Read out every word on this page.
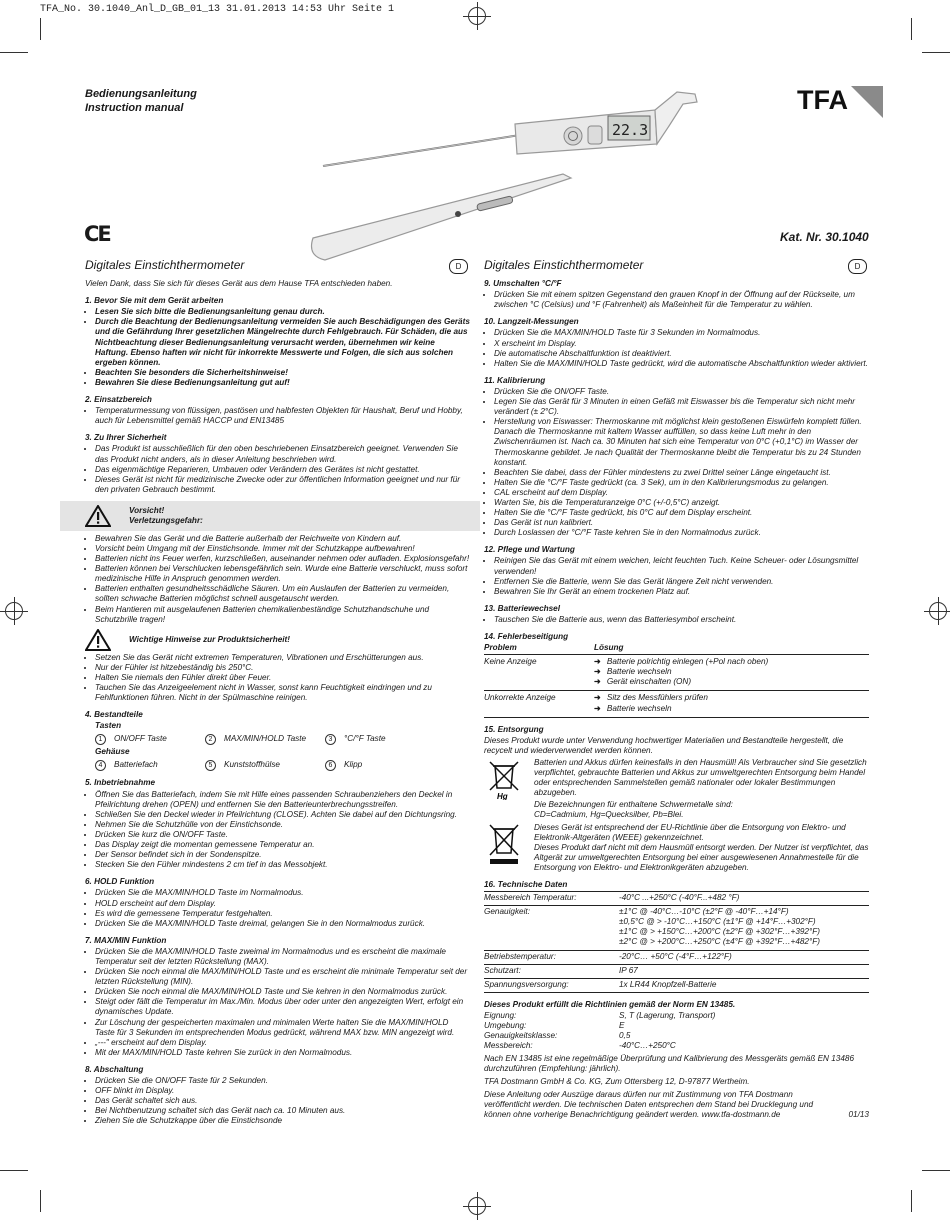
TFA_No. 30.1040_Anl_D_GB_01_13 31.01.2013 14:53 Uhr Seite 1
Bedienungsanleitung
Instruction manual	TFA
22.3
CE	Kat. Nr. 30.1040
Digitales Einstichthermometer	D
Vielen Dank, dass Sie sich für dieses Gerät aus dem Hause TFA entschieden haben.
1. Bevor Sie mit dem Gerät arbeiten
• Lesen Sie sich bitte die Bedienungsanleitung genau durch.
• Durch die Beachtung der Bedienungsanleitung vermeiden Sie auch Beschädigungen des Geräts und die Gefährdung Ihrer gesetzlichen Mängelrechte durch Fehlgebrauch. Für Schäden, die aus Nichtbeachtung dieser Bedienungsanleitung verursacht werden, übernehmen wir keine Haftung. Ebenso haften wir nicht für inkorrekte Messwerte und Folgen, die sich aus solchen ergeben können.
• Beachten Sie besonders die Sicherheitshinweise!
• Bewahren Sie diese Bedienungsanleitung gut auf!
2. Einsatzbereich
• Temperaturmessung von flüssigen, pastösen und halbfesten Objekten für Haushalt, Beruf und Hobby, auch für Lebensmittel gemäß HACCP und EN13485
3. Zu Ihrer Sicherheit
• Das Produkt ist ausschließlich für den oben beschriebenen Einsatzbereich geeignet. Verwenden Sie das Produkt nicht anders, als in dieser Anleitung beschrieben wird.
• Das eigenmächtige Reparieren, Umbauen oder Verändern des Gerätes ist nicht gestattet.
• Dieses Gerät ist nicht für medizinische Zwecke oder zur öffentlichen Information geeignet und nur für den privaten Gebrauch bestimmt.
Vorsicht!
Verletzungsgefahr:
• Bewahren Sie das Gerät und die Batterie außerhalb der Reichweite von Kindern auf.
• Vorsicht beim Umgang mit der Einstichsonde. Immer mit der Schutzkappe aufbewahren!
• Batterien nicht ins Feuer werfen, kurzschließen, auseinander nehmen oder aufladen. Explosionsgefahr!
• Batterien können bei Verschlucken lebensgefährlich sein. Wurde eine Batterie verschluckt, muss sofort medizinische Hilfe in Anspruch genommen werden.
• Batterien enthalten gesundheitsschädliche Säuren. Um ein Auslaufen der Batterien zu vermeiden, sollten schwache Batterien möglichst schnell ausgetauscht werden.
• Beim Hantieren mit ausgelaufenen Batterien chemikalienbeständige Schutzhandschuhe und Schutzbrille tragen!
Wichtige Hinweise zur Produktsicherheit!
• Setzen Sie das Gerät nicht extremen Temperaturen, Vibrationen und Erschütterungen aus.
• Nur der Fühler ist hitzebeständig bis 250°C.
• Halten Sie niemals den Fühler direkt über Feuer.
• Tauchen Sie das Anzeigeelement nicht in Wasser, sonst kann Feuchtigkeit eindringen und zu Fehlfunktionen führen. Nicht in der Spülmaschine reinigen.
4. Bestandteile
Tasten
1 ON/OFF Taste	2 MAX/MIN/HOLD Taste	3 °C/°F Taste
Gehäuse
4 Batteriefach	5 Kunststoffhülse	6 Klipp
5. Inbetriebnahme
• Öffnen Sie das Batteriefach, indem Sie mit Hilfe eines passenden Schraubenziehers den Deckel in Pfeilrichtung drehen (OPEN) und entfernen Sie den Batterieunterbrechungsstreifen.
• Schließen Sie den Deckel wieder in Pfeilrichtung (CLOSE). Achten Sie dabei auf den Dichtungsring.
• Nehmen Sie die Schutzhülle von der Einstichsonde.
• Drücken Sie kurz die ON/OFF Taste.
• Das Display zeigt die momentan gemessene Temperatur an.
• Der Sensor befindet sich in der Sondenspitze.
• Stecken Sie den Fühler mindestens 2 cm tief in das Messobjekt.
6. HOLD Funktion
• Drücken Sie die MAX/MIN/HOLD Taste im Normalmodus.
• HOLD erscheint auf dem Display.
• Es wird die gemessene Temperatur festgehalten.
• Drücken Sie die MAX/MIN/HOLD Taste dreimal, gelangen Sie in den Normalmodus zurück.
7. MAX/MIN Funktion
• Drücken Sie die MAX/MIN/HOLD Taste zweimal im Normalmodus und es erscheint die maximale Temperatur seit der letzten Rückstellung (MAX).
• Drücken Sie noch einmal die MAX/MIN/HOLD Taste und es erscheint die minimale Temperatur seit der letzten Rückstellung (MIN).
• Drücken Sie noch einmal die MAX/MIN/HOLD Taste und Sie kehren in den Normalmodus zurück.
• Steigt oder fällt die Temperatur im Max./Min. Modus über oder unter den angezeigten Wert, erfolgt ein dynamisches Update.
• Zur Löschung der gespeicherten maximalen und minimalen Werte halten Sie die MAX/MIN/HOLD Taste für 3 Sekunden im entsprechenden Modus gedrückt, während MAX bzw. MIN angezeigt wird.
• „---" erscheint auf dem Display.
• Mit der MAX/MIN/HOLD Taste kehren Sie zurück in den Normalmodus.
8. Abschaltung
• Drücken Sie die ON/OFF Taste für 2 Sekunden.
• OFF blinkt im Display.
• Das Gerät schaltet sich aus.
• Bei Nichtbenutzung schaltet sich das Gerät nach ca. 10 Minuten aus.
• Ziehen Sie die Schutzkappe über die Einstichsonde
Digitales Einstichthermometer	D
9. Umschalten °C/°F
• Drücken Sie mit einem spitzen Gegenstand den grauen Knopf in der Öffnung auf der Rückseite, um zwischen °C (Celsius) und °F (Fahrenheit) als Maßeinheit für die Temperatur zu wählen.
10. Langzeit-Messungen
• Drücken Sie die MAX/MIN/HOLD Taste für 3 Sekunden im Normalmodus.
• X erscheint im Display.
• Die automatische Abschaltfunktion ist deaktiviert.
• Halten Sie die MAX/MIN/HOLD Taste gedrückt, wird die automatische Abschaltfunktion wieder aktiviert.
11. Kalibrierung
• Drücken Sie die ON/OFF Taste.
• Legen Sie das Gerät für 3 Minuten in einen Gefäß mit Eiswasser bis die Temperatur sich nicht mehr verändert (± 2°C).
• Herstellung von Eiswasser: Thermoskanne mit möglichst klein gestoßenen Eiswürfeln komplett füllen. Danach die Thermoskanne mit kaltem Wasser auffüllen, so dass keine Luft mehr in den Zwischenräumen ist. Nach ca. 30 Minuten hat sich eine Temperatur von 0°C (+0,1°C) im Wasser der Thermoskanne gebildet. Je nach Qualität der Thermoskanne bleibt die Temperatur bis zu 24 Stunden konstant.
• Beachten Sie dabei, dass der Fühler mindestens zu zwei Drittel seiner Länge eingetaucht ist.
• Halten Sie die °C/°F Taste gedrückt (ca. 3 Sek), um in den Kalibrierungsmodus zu gelangen.
• CAL erscheint auf dem Display.
• Warten Sie, bis die Temperaturanzeige 0°C (+/-0,5°C) anzeigt.
• Halten Sie die °C/°F Taste gedrückt, bis 0°C auf dem Display erscheint.
• Das Gerät ist nun kalibriert.
• Durch Loslassen der °C/°F Taste kehren Sie in den Normalmodus zurück.
12. Pflege und Wartung
• Reinigen Sie das Gerät mit einem weichen, leicht feuchten Tuch. Keine Scheuer- oder Lösungsmittel verwenden!
• Entfernen Sie die Batterie, wenn Sie das Gerät längere Zeit nicht verwenden.
• Bewahren Sie Ihr Gerät an einem trockenen Platz auf.
13. Batteriewechsel
• Tauschen Sie die Batterie aus, wenn das Batteriesymbol erscheint.
14. Fehlerbeseitigung
Problem	Lösung
Keine Anzeige	➜ Batterie polrichtig einlegen (+Pol nach oben)
➜ Batterie wechseln
➜ Gerät einschalten (ON)

Unkorrekte Anzeige	➜ Sitz des Messfühlers prüfen
➜ Batterie wechseln
15. Entsorgung
Dieses Produkt wurde unter Verwendung hochwertiger Materialien und Bestandteile hergestellt, die recycelt und wiederverwendet werden können.
Hg
Batterien und Akkus dürfen keinesfalls in den Hausmüll! Als Verbraucher sind Sie gesetzlich verpflichtet, gebrauchte Batterien und Akkus zur umweltgerechten Entsorgung beim Handel oder entsprechenden Sammelstellen gemäß nationaler oder lokaler Bestimmungen abzugeben.
Die Bezeichnungen für enthaltene Schwermetalle sind:
CD=Cadmium, Hg=Quecksilber, Pb=Blei.
Dieses Gerät ist entsprechend der EU-Richtlinie über die Entsorgung von Elektro- und Elektronik-Altgeräten (WEEE) gekennzeichnet.
Dieses Produkt darf nicht mit dem Hausmüll entsorgt werden. Der Nutzer ist verpflichtet, das Altgerät zur umweltgerechten Entsorgung bei einer ausgewiesenen Annahmestelle für die Entsorgung von Elektro- und Elektronikgeräten abzugeben.
16. Technische Daten
Messbereich Temperatur:	-40°C ...+250°C (-40°F...+482 °F)
Genauigkeit:	±1°C @ -40°C…-10°C (±2°F @ -40°F…+14°F)
±0,5°C @ > -10°C…+150°C (±1°F @ +14°F…+302°F)
±1°C @ > +150°C…+200°C (±2°F @ +302°F…+392°F)
±2°C @ > +200°C…+250°C (±4°F @ +392°F…+482°F)

Betriebstemperatur:	-20°C… +50°C (-4°F…+122°F)
Schutzart:	IP 67
Spannungsversorgung:	1x LR44 Knopfzell-Batterie
Dieses Produkt erfüllt die Richtlinien gemäß der Norm EN 13485.
Eignung:	S, T (Lagerung, Transport)
Umgebung:	E
Genauigkeitsklasse:	0,5
Messbereich:	-40°C…+250°C
Nach EN 13485 ist eine regelmäßige Überprüfung und Kalibrierung des Messgeräts gemäß EN 13486 durchzuführen (Empfehlung: jährlich).
TFA Dostmann GmbH & Co. KG, Zum Ottersberg 12, D-97877 Wertheim.
Diese Anleitung oder Auszüge daraus dürfen nur mit Zustimmung von TFA Dostmann veröffentlicht werden. Die technischen Daten entsprechen dem Stand bei Drucklegung und können ohne vorherige Benachrichtigung geändert werden. www.tfa-dostmann.de	01/13
